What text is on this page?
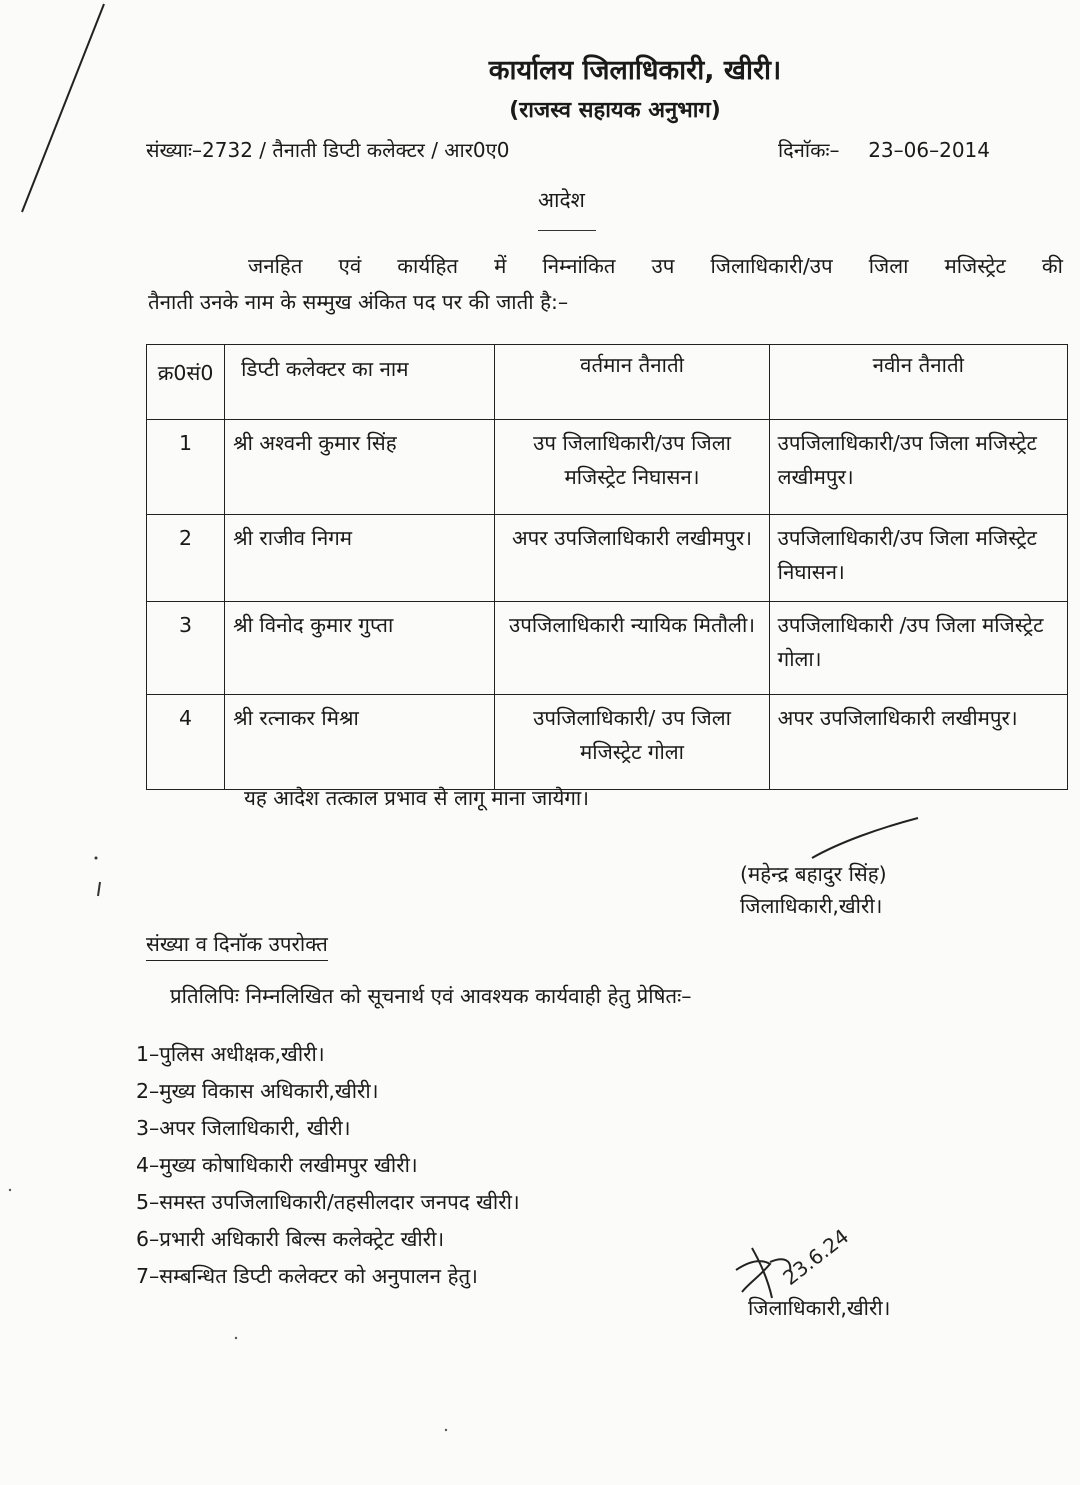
कार्यालय जिलाधिकारी, खीरी।
(राजस्व सहायक अनुभाग)
संख्याः–2732 / तैनाती डिप्टी कलेक्टर / आर0ए0	दिनाॅकः– 23–06–2014
आदेश
जनहित एवं कार्यहित में निम्नांकित उप जिलाधिकारी/उप जिला मजिस्ट्रेट की
तैनाती उनके नाम के सम्मुख अंकित पद पर की जाती है:–
क्र0सं0	डिप्टी कलेक्टर का नाम	वर्तमान तैनाती	नवीन तैनाती
1	श्री अश्वनी कुमार सिंह	उप जिलाधिकारी/उप जिला मजिस्ट्रेट निघासन।	उपजिलाधिकारी/उप जिला मजिस्ट्रेट लखीमपुर।
2	श्री राजीव निगम	अपर उपजिलाधिकारी लखीमपुर।	उपजिलाधिकारी/उप जिला मजिस्ट्रेट निघासन।
3	श्री विनोद कुमार गुप्ता	उपजिलाधिकारी न्यायिक मितौली।	उपजिलाधिकारी /उप जिला मजिस्ट्रेट गोला।
4	श्री रत्नाकर मिश्रा	उपजिलाधिकारी/ उप जिला मजिस्ट्रेट गोला	अपर उपजिलाधिकारी लखीमपुर।
यह आदेश तत्काल प्रभाव से लागू माना जायेगा।
(महेन्द्र बहादुर सिंह)
जिलाधिकारी,खीरी।
संख्या व दिनाॅक उपरोक्त
प्रतिलिपिः निम्नलिखित को सूचनार्थ एवं आवश्यक कार्यवाही हेतु प्रेषितः–
1–पुलिस अधीक्षक,खीरी।
2–मुख्य विकास अधिकारी,खीरी।
3–अपर जिलाधिकारी, खीरी।
4–मुख्य कोषाधिकारी लखीमपुर खीरी।
5–समस्त उपजिलाधिकारी/तहसीलदार जनपद खीरी।
6–प्रभारी अधिकारी बिल्स कलेक्ट्रेट खीरी।
7–सम्बन्धित डिप्टी कलेक्टर को अनुपालन हेतु।	23.6.24
जिलाधिकारी,खीरी।
